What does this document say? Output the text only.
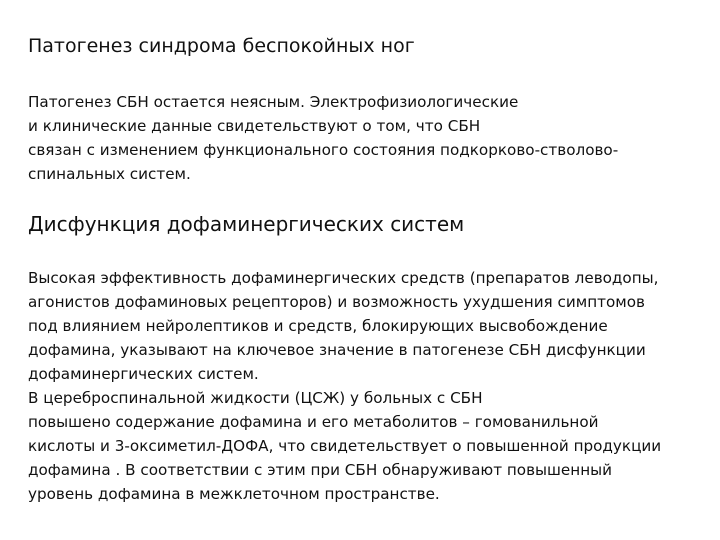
Патогенез синдрома беспокойных ног

Патогенез СБН остается неясным. Электрофизиологические
и клинические данные свидетельствуют о том, что СБН
связан с изменением функционального состояния подкорково-стволово-
спинальных систем.

Дисфункция дофаминергических систем

Высокая эффективность дофаминергических средств (препаратов леводопы,
агонистов дофаминовых рецепторов) и возможность ухудшения симптомов
под влиянием нейролептиков и средств, блокирующих высвобождение
дофамина, указывают на ключевое значение в патогенезе СБН дисфункции
дофаминергических систем.
В цереброспинальной жидкости (ЦСЖ) у больных с СБН
повышено содержание дофамина и его метаболитов – гомованильной
кислоты и 3-оксиметил-ДОФА, что свидетельствует о повышенной продукции
дофамина . В соответствии с этим при СБН обнаруживают повышенный
уровень дофамина в межклеточном пространстве.
